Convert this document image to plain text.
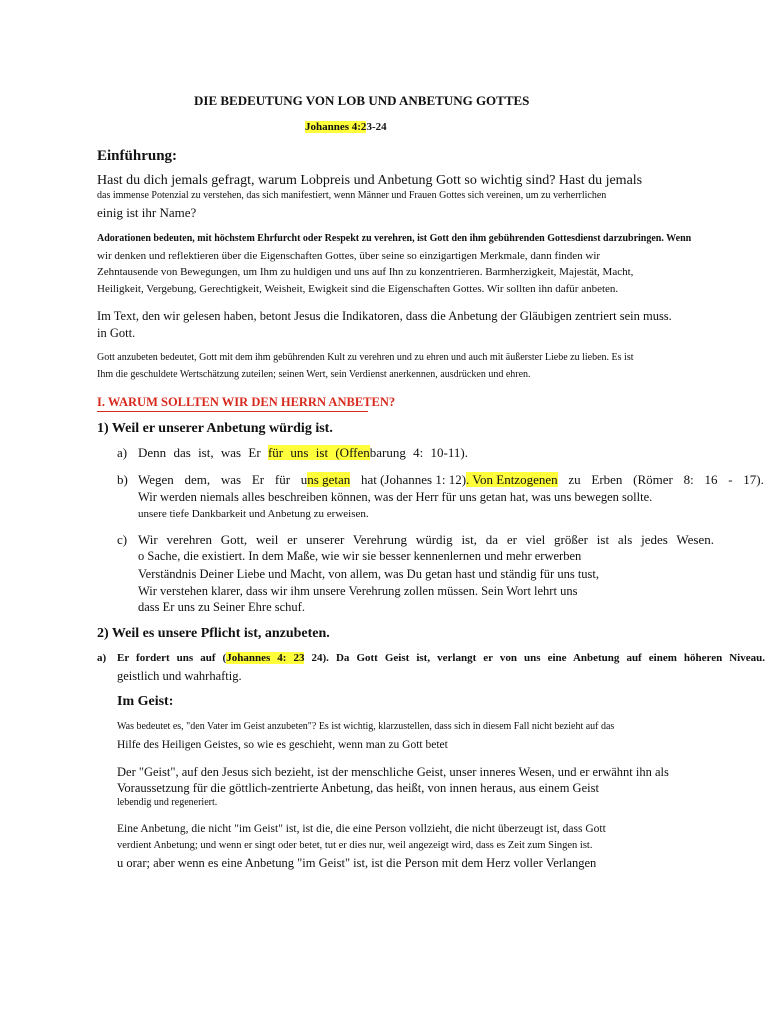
DIE BEDEUTUNG VON LOB UND ANBETUNG GOTTES
Johannes 4:23-24
Einführung:
Hast du dich jemals gefragt, warum Lobpreis und Anbetung Gott so wichtig sind? Hast du jemals
das immense Potenzial zu verstehen, das sich manifestiert, wenn Männer und Frauen Gottes sich vereinen, um zu verherrlichen
einig ist ihr Name?
Adorationen bedeuten, mit höchstem Ehrfurcht oder Respekt zu verehren, ist Gott den ihm gebührenden Gottesdienst darzubringen. Wenn
wir denken und reflektieren über die Eigenschaften Gottes, über seine so einzigartigen Merkmale, dann finden wir
Zehntausende von Bewegungen, um Ihm zu huldigen und uns auf Ihn zu konzentrieren. Barmherzigkeit, Majestät, Macht,
Heiligkeit, Vergebung, Gerechtigkeit, Weisheit, Ewigkeit sind die Eigenschaften Gottes. Wir sollten ihn dafür anbeten.
Im Text, den wir gelesen haben, betont Jesus die Indikatoren, dass die Anbetung der Gläubigen zentriert sein muss.
in Gott.
Gott anzubeten bedeutet, Gott mit dem ihm gebührenden Kult zu verehren und zu ehren und auch mit äußerster Liebe zu lieben. Es ist
Ihm die geschuldete Wertschätzung zuteilen; seinen Wert, sein Verdienst anerkennen, ausdrücken und ehren.
I. WARUM SOLLTEN WIR DEN HERRN ANBETEN?
1) Weil er unserer Anbetung würdig ist.
a) Denn das ist, was Er für uns ist (Offenbarung 4: 10-11).
b) Wegen dem, was Er für uns getan hat (Johannes 1: 12). Von Entzogenen zu Erben (Römer 8: 16 - 17).
Wir werden niemals alles beschreiben können, was der Herr für uns getan hat, was uns bewegen sollte.
unsere tiefe Dankbarkeit und Anbetung zu erweisen.
c) Wir verehren Gott, weil er unserer Verehrung würdig ist, da er viel größer ist als jedes Wesen.
o Sache, die existiert. In dem Maße, wie wir sie besser kennenlernen und mehr erwerben
Verständnis Deiner Liebe und Macht, von allem, was Du getan hast und ständig für uns tust,
Wir verstehen klarer, dass wir ihm unsere Verehrung zollen müssen. Sein Wort lehrt uns
dass Er uns zu Seiner Ehre schuf.
2) Weil es unsere Pflicht ist, anzubeten.
a) Er fordert uns auf (Johannes 4: 23 24). Da Gott Geist ist, verlangt er von uns eine Anbetung auf einem höheren Niveau.
geistlich und wahrhaftig.
Im Geist:
Was bedeutet es, "den Vater im Geist anzubeten"? Es ist wichtig, klarzustellen, dass sich in diesem Fall nicht bezieht auf das
Hilfe des Heiligen Geistes, so wie es geschieht, wenn man zu Gott betet
Der "Geist", auf den Jesus sich bezieht, ist der menschliche Geist, unser inneres Wesen, und er erwähnt ihn als
Voraussetzung für die göttlich-zentrierte Anbetung, das heißt, von innen heraus, aus einem Geist
lebendig und regeneriert.
Eine Anbetung, die nicht "im Geist" ist, ist die, die eine Person vollzieht, die nicht überzeugt ist, dass Gott
verdient Anbetung; und wenn er singt oder betet, tut er dies nur, weil angezeigt wird, dass es Zeit zum Singen ist.
u orar; aber wenn es eine Anbetung "im Geist" ist, ist die Person mit dem Herz voller Verlangen
